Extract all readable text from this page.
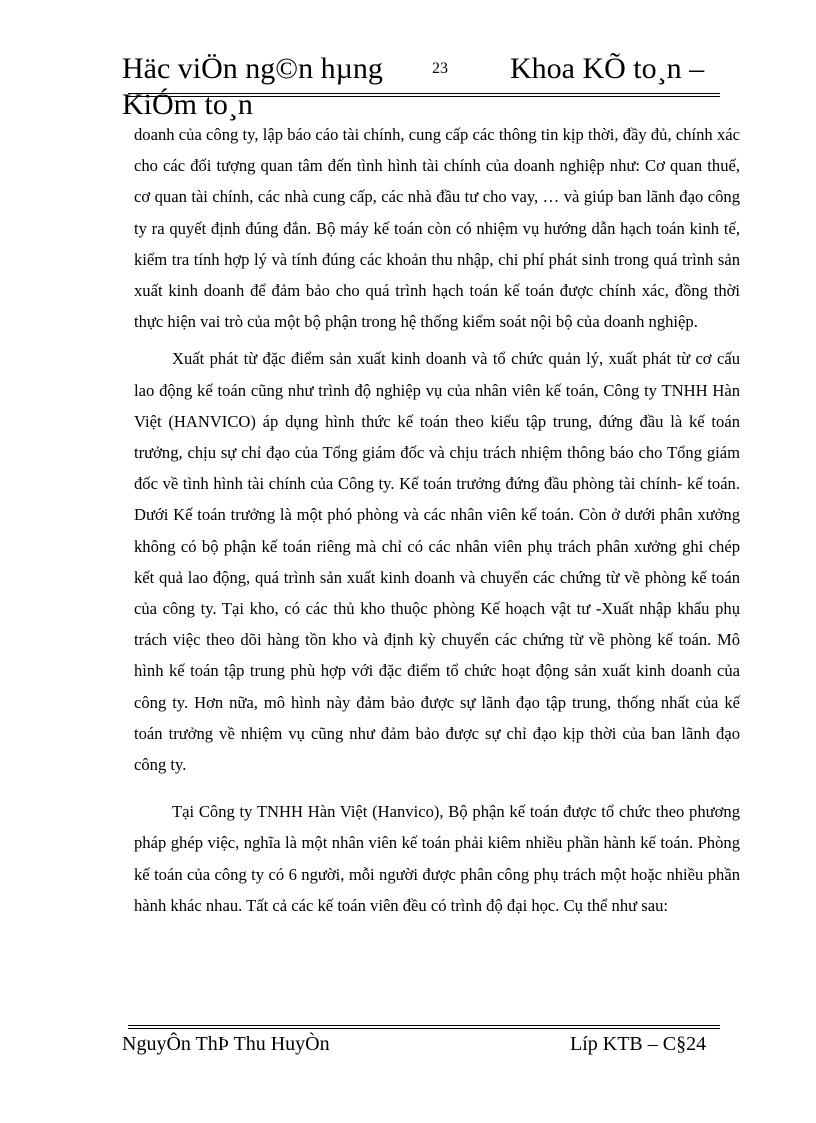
Häc viÖn ng©n hµng	23 Khoa KÕ to¸n –
KiÓm to¸n

doanh của công ty, lập báo cáo tài chính, cung cấp các thông tin kịp thời, đầy đủ, chính xác cho các đối tượng quan tâm đến tình hình tài chính của doanh nghiệp như: Cơ quan thuế, cơ quan tài chính, các nhà cung cấp, các nhà đầu tư cho vay, … và giúp ban lãnh đạo công ty ra quyết định đúng đắn. Bộ máy kế toán còn có nhiệm vụ hướng dẫn hạch toán kinh tế, kiểm tra tính hợp lý và tính đúng các khoản thu nhập, chi phí phát sinh trong quá trình sản xuất kinh doanh để đảm bảo cho quá trình hạch toán kế toán được chính xác, đồng thời thực hiện vai trò của một bộ phận trong hệ thống kiểm soát nội bộ của doanh nghiệp.

Xuất phát từ đặc điểm sản xuất kinh doanh và tổ chức quản lý, xuất phát từ cơ cấu lao động kế toán cũng như trình độ nghiệp vụ của nhân viên kế toán, Công ty TNHH Hàn Việt (HANVICO) áp dụng hình thức kế toán theo kiểu tập trung, đứng đầu là kế toán trưởng, chịu sự chỉ đạo của Tổng giám đốc và chịu trách nhiệm thông báo cho Tổng giám đốc về tình hình tài chính của Công ty. Kế toán trưởng đứng đầu phòng tài chính- kế toán. Dưới Kế toán trưởng là một phó phòng và các nhân viên kế toán. Còn ở dưới phân xưởng không có bộ phận kế toán riêng mà chỉ có các nhân viên phụ trách phân xưởng ghi chép kết quả lao động, quá trình sản xuất kinh doanh và chuyển các chứng từ về phòng kế toán của công ty. Tại kho, có các thủ kho thuộc phòng Kế hoạch vật tư -Xuất nhập khẩu phụ trách việc theo dõi hàng tồn kho và định kỳ chuyển các chứng từ về phòng kế toán. Mô hình kế toán tập trung phù hợp với đặc điểm tổ chức hoạt động sản xuất kinh doanh của công ty. Hơn nữa, mô hình này đảm bảo được sự lãnh đạo tập trung, thống nhất của kế toán trưởng về nhiệm vụ cũng như đảm bảo được sự chỉ đạo kịp thời của ban lãnh đạo công ty.

Tại Công ty TNHH Hàn Việt (Hanvico), Bộ phận kế toán được tổ chức theo phương pháp ghép việc, nghĩa là một nhân viên kế toán phải kiêm nhiều phần hành kế toán. Phòng kế toán của công ty có 6 người, mỗi người được phân công phụ trách một hoặc nhiều phần hành khác nhau. Tất cả các kế toán viên đều có trình độ đại học. Cụ thể như sau:

NguyÔn ThÞ Thu HuyÒn	Líp KTB – C§24
